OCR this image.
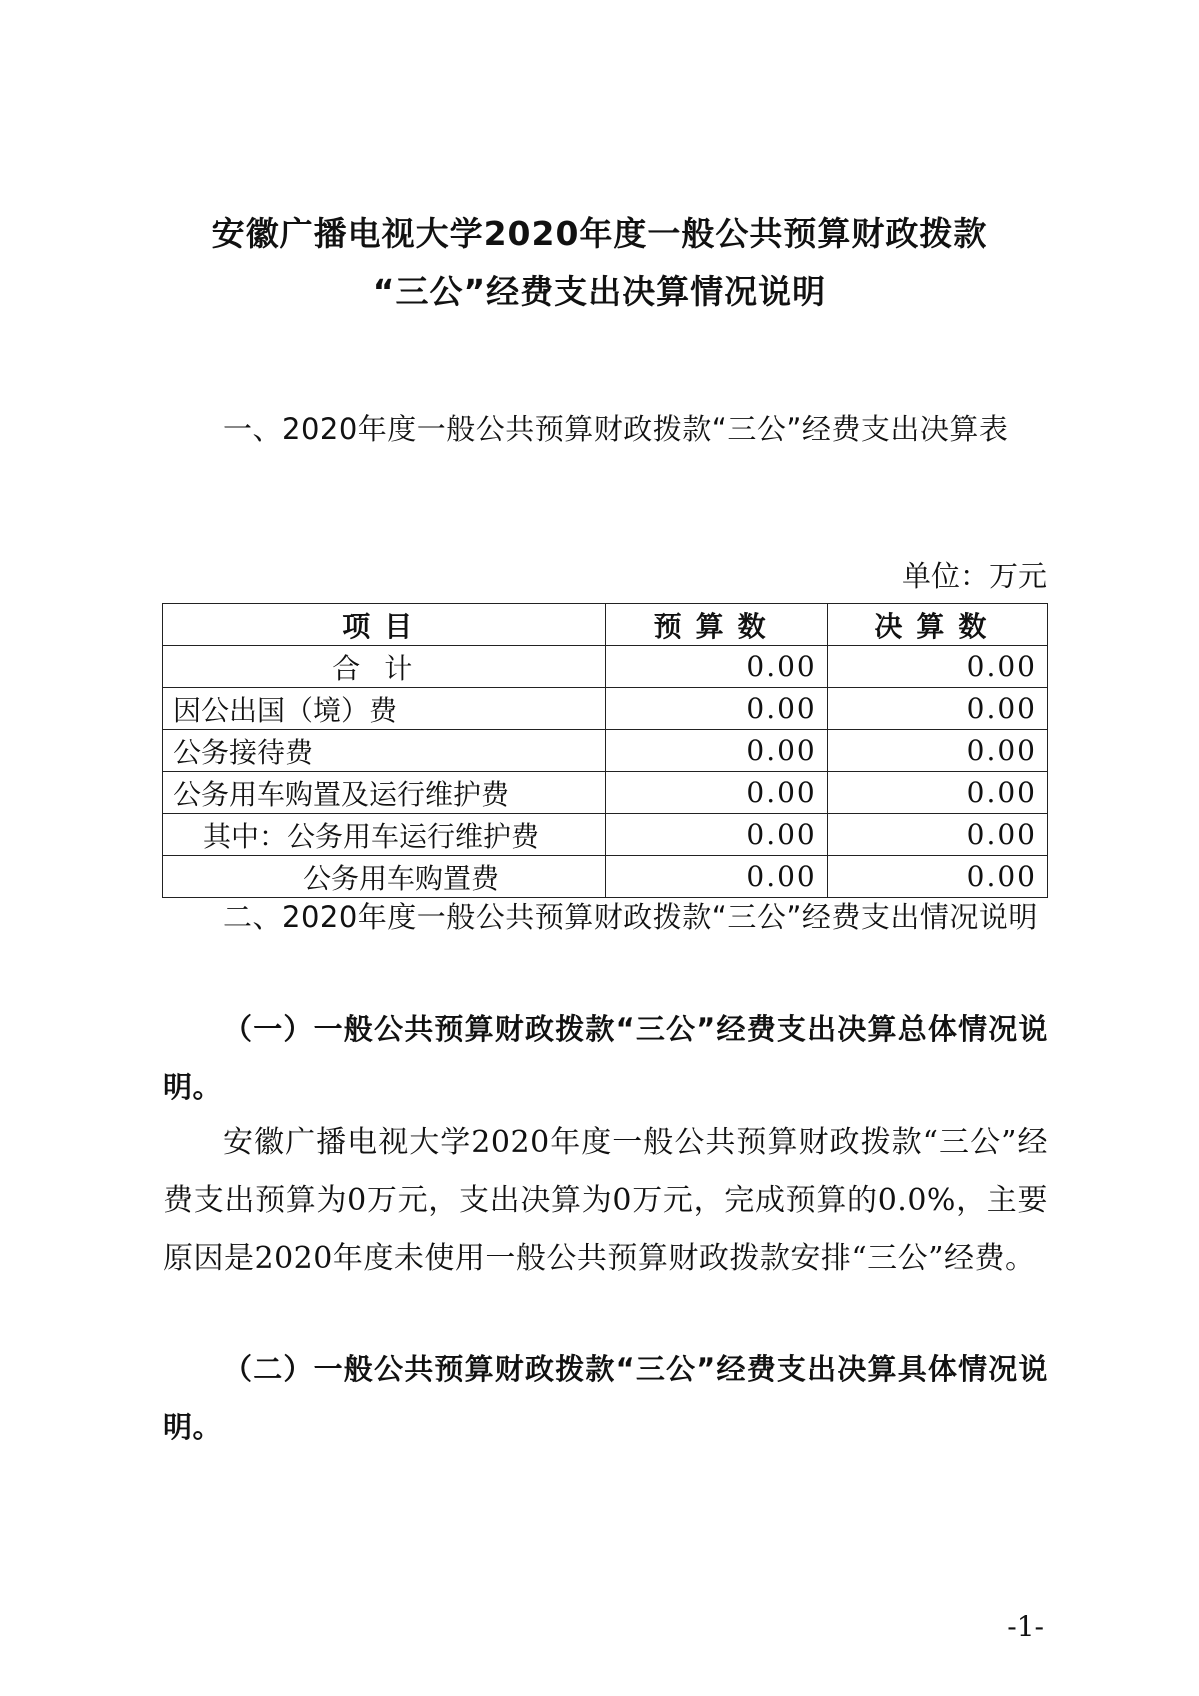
安徽广播电视大学2020年度一般公共预算财政拨款
“三公”经费支出决算情况说明
一、2020年度一般公共预算财政拨款“三公”经费支出决算表
单位：万元
项目	预算数	决算数
合计	0.00	0.00
因公出国（境）费	0.00	0.00
公务接待费	0.00	0.00
公务用车购置及运行维护费	0.00	0.00
其中：公务用车运行维护费	0.00	0.00
公务用车购置费	0.00	0.00
二、2020年度一般公共预算财政拨款“三公”经费支出情况说明
（一）一般公共预算财政拨款“三公”经费支出决算总体情况说明。
安徽广播电视大学2020年度一般公共预算财政拨款“三公”经费支出预算为0万元，支出决算为0万元，完成预算的0.0%，主要原因是2020年度未使用一般公共预算财政拨款安排“三公”经费。
（二）一般公共预算财政拨款“三公”经费支出决算具体情况说明。
-1-
